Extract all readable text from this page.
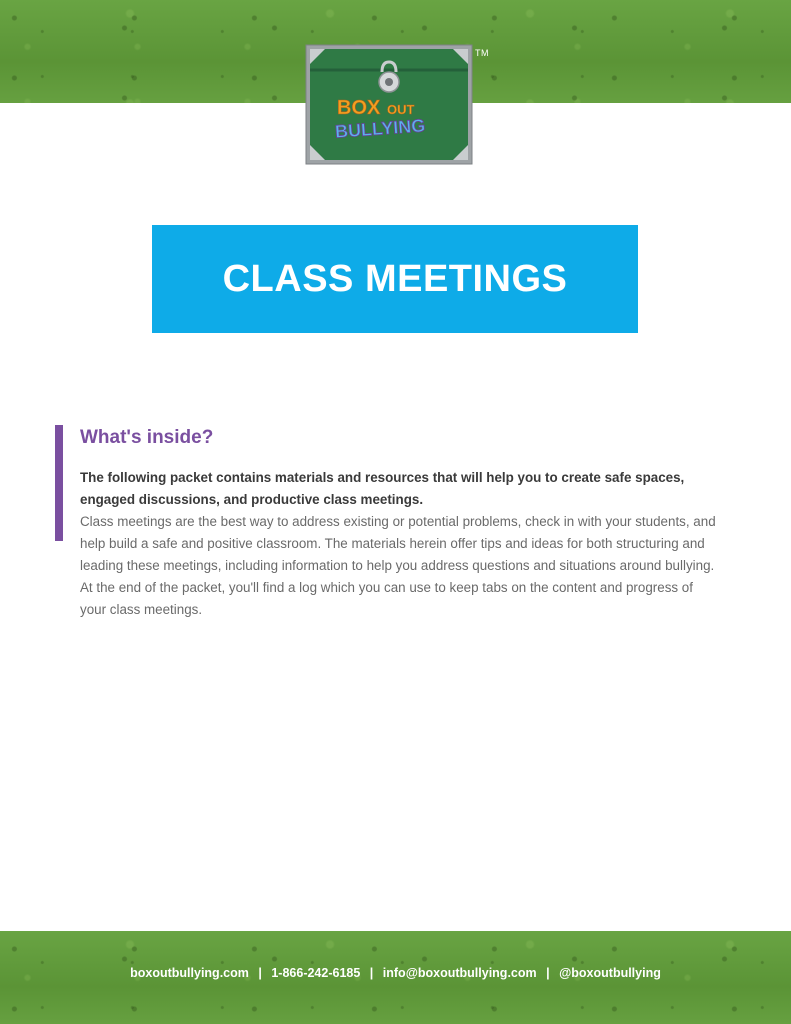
BOX OUT
BULLYING
TM
CLASS MEETINGS
What's inside?

The following packet contains materials and resources that will help you to create safe spaces, engaged discussions, and productive class meetings.

Class meetings are the best way to address existing or potential problems, check in with your students, and help build a safe and positive classroom. The materials herein offer tips and ideas for both structuring and leading these meetings, including information to help you address questions and situations around bullying. At the end of the packet, you'll find a log which you can use to keep tabs on the content and progress of your class meetings.

boxoutbullying.com | 1-866-242-6185 | info@boxoutbullying.com | @boxoutbullying
